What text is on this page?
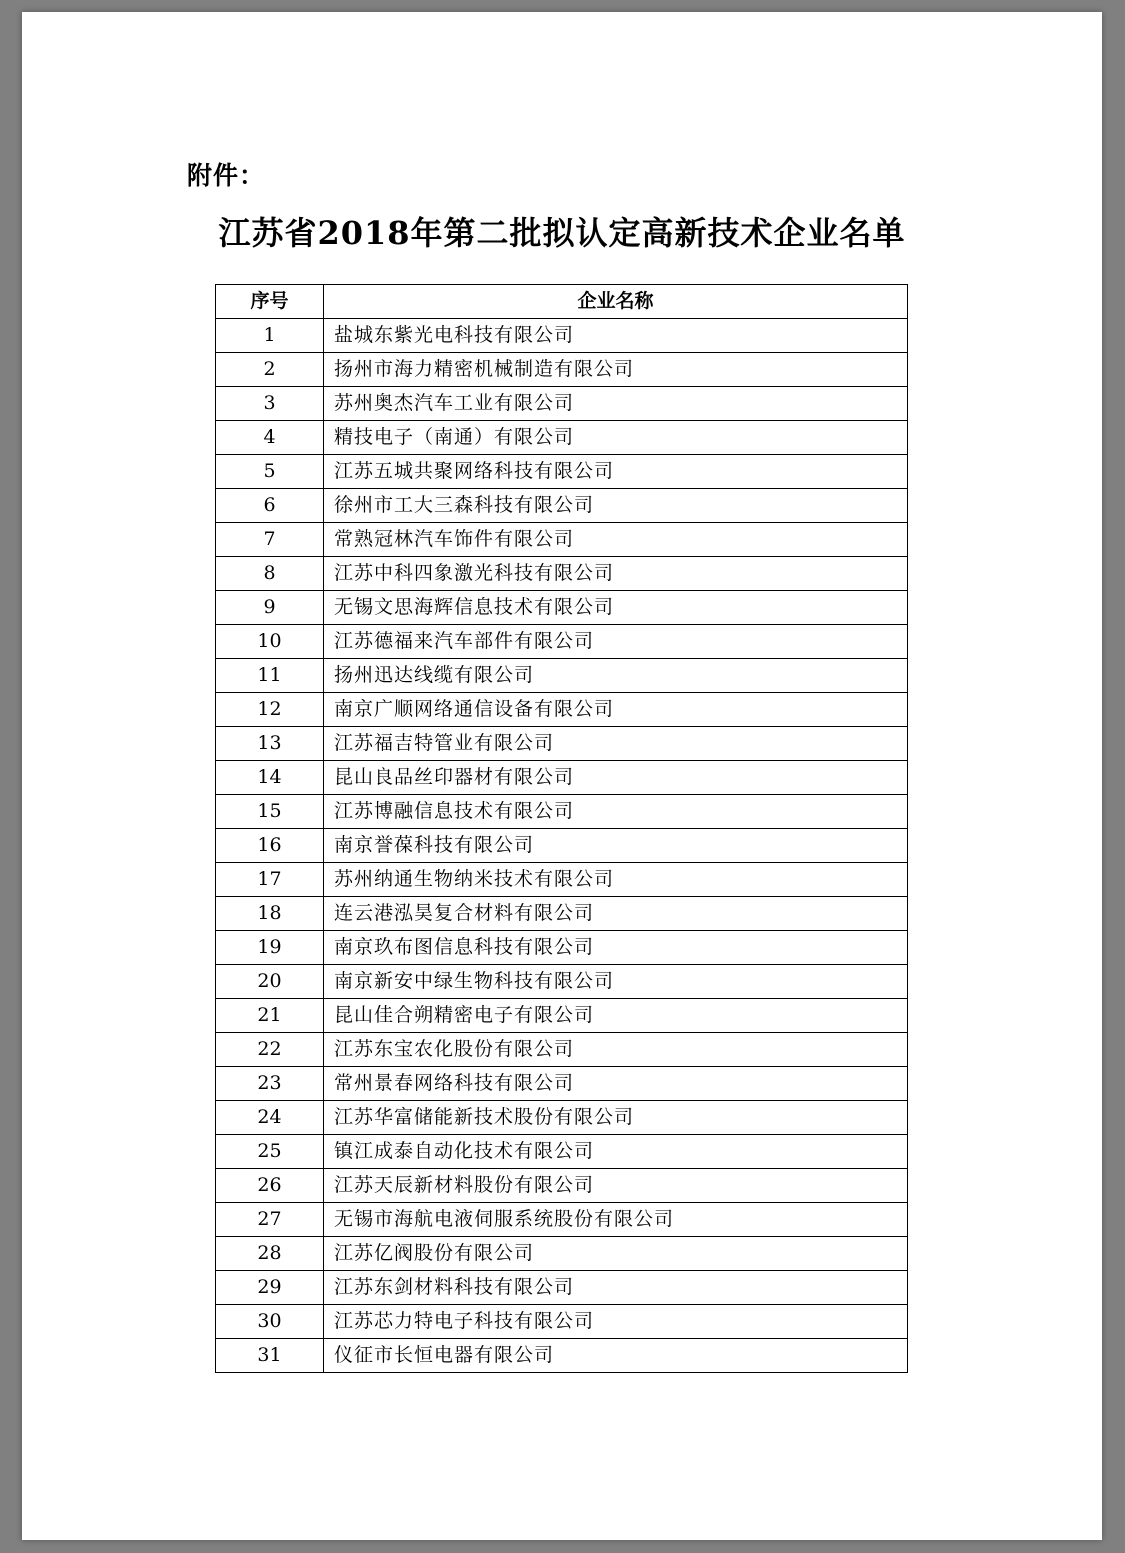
附件：
江苏省2018年第二批拟认定高新技术企业名单
序号	企业名称
1	盐城东紫光电科技有限公司
2	扬州市海力精密机械制造有限公司
3	苏州奥杰汽车工业有限公司
4	精技电子（南通）有限公司
5	江苏五城共聚网络科技有限公司
6	徐州市工大三森科技有限公司
7	常熟冠林汽车饰件有限公司
8	江苏中科四象激光科技有限公司
9	无锡文思海辉信息技术有限公司
10	江苏德福来汽车部件有限公司
11	扬州迅达线缆有限公司
12	南京广顺网络通信设备有限公司
13	江苏福吉特管业有限公司
14	昆山良品丝印器材有限公司
15	江苏博融信息技术有限公司
16	南京誉葆科技有限公司
17	苏州纳通生物纳米技术有限公司
18	连云港泓昊复合材料有限公司
19	南京玖布图信息科技有限公司
20	南京新安中绿生物科技有限公司
21	昆山佳合朔精密电子有限公司
22	江苏东宝农化股份有限公司
23	常州景春网络科技有限公司
24	江苏华富储能新技术股份有限公司
25	镇江成泰自动化技术有限公司
26	江苏天辰新材料股份有限公司
27	无锡市海航电液伺服系统股份有限公司
28	江苏亿阀股份有限公司
29	江苏东剑材料科技有限公司
30	江苏芯力特电子科技有限公司
31	仪征市长恒电器有限公司
